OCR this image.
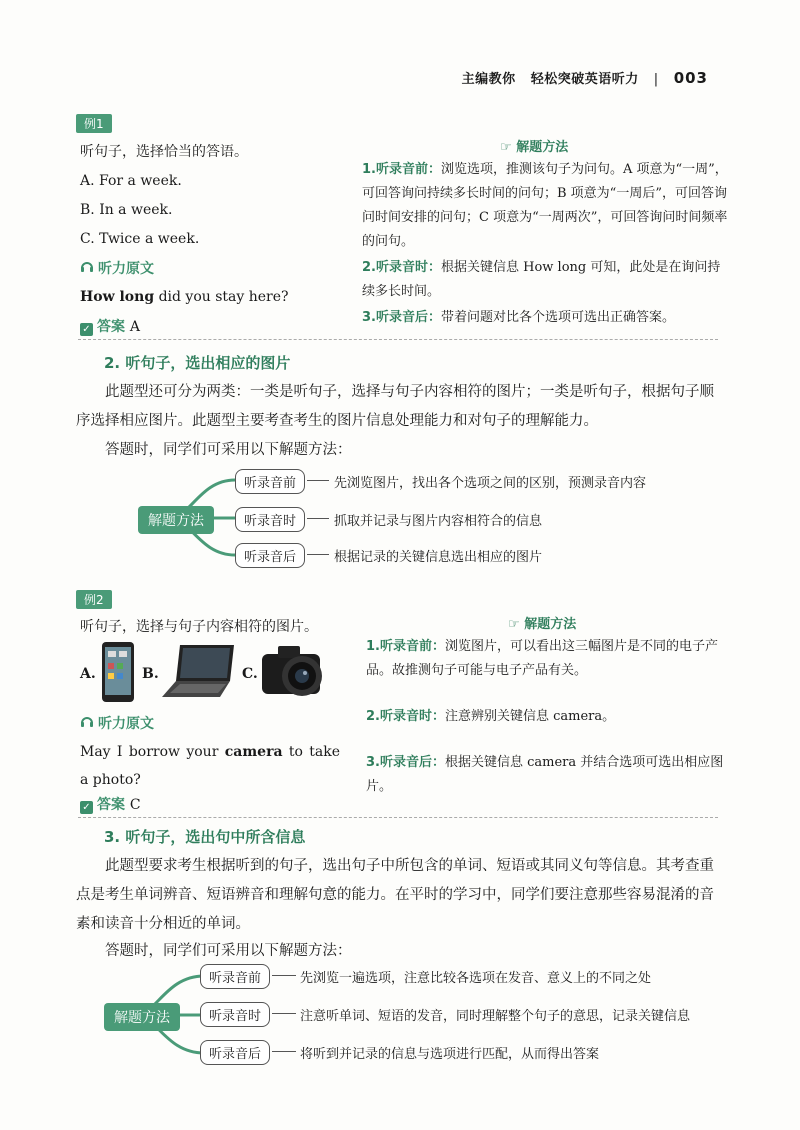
主编教你 轻松突破英语听力 | 003
例1
听句子，选择恰当的答语。
A. For a week.
B. In a week.
C. Twice a week.
听力原文
How long did you stay here?
✓ 答案 A
☞ 解题方法
1.听录音前：浏览选项，推测该句子为问句。A 项意为“一周”，可回答询问持续多长时间的问句；B 项意为“一周后”，可回答询问时间安排的问句；C 项意为“一周两次”，可回答询问时间频率的问句。
2.听录音时：根据关键信息 How long 可知，此处是在询问持续多长时间。
3.听录音后：带着问题对比各个选项可选出正确答案。
2. 听句子，选出相应的图片
此题型还可分为两类：一类是听句子，选择与句子内容相符的图片；一类是听句子，根据句子顺序选择相应图片。此题型主要考查考生的图片信息处理能力和对句子的理解能力。
答题时，同学们可采用以下解题方法：
解题方法
听录音前
听录音时
听录音后
先浏览图片，找出各个选项之间的区别，预测录音内容
抓取并记录与图片内容相符合的信息
根据记录的关键信息选出相应的图片
例2
听句子，选择与句子内容相符的图片。
A.	B.	C.
听力原文
May I borrow your camera to take a photo?
✓ 答案 C
☞ 解题方法
1.听录音前：浏览图片，可以看出这三幅图片是不同的电子产品。故推测句子可能与电子产品有关。
2.听录音时：注意辨别关键信息 camera。
3.听录音后：根据关键信息 camera 并结合选项可选出相应图片。
3. 听句子，选出句中所含信息
此题型要求考生根据听到的句子，选出句子中所包含的单词、短语或其同义句等信息。其考查重点是考生单词辨音、短语辨音和理解句意的能力。在平时的学习中，同学们要注意那些容易混淆的音素和读音十分相近的单词。
答题时，同学们可采用以下解题方法：
解题方法
听录音前
听录音时
听录音后
先浏览一遍选项，注意比较各选项在发音、意义上的不同之处
注意听单词、短语的发音，同时理解整个句子的意思，记录关键信息
将听到并记录的信息与选项进行匹配，从而得出答案
